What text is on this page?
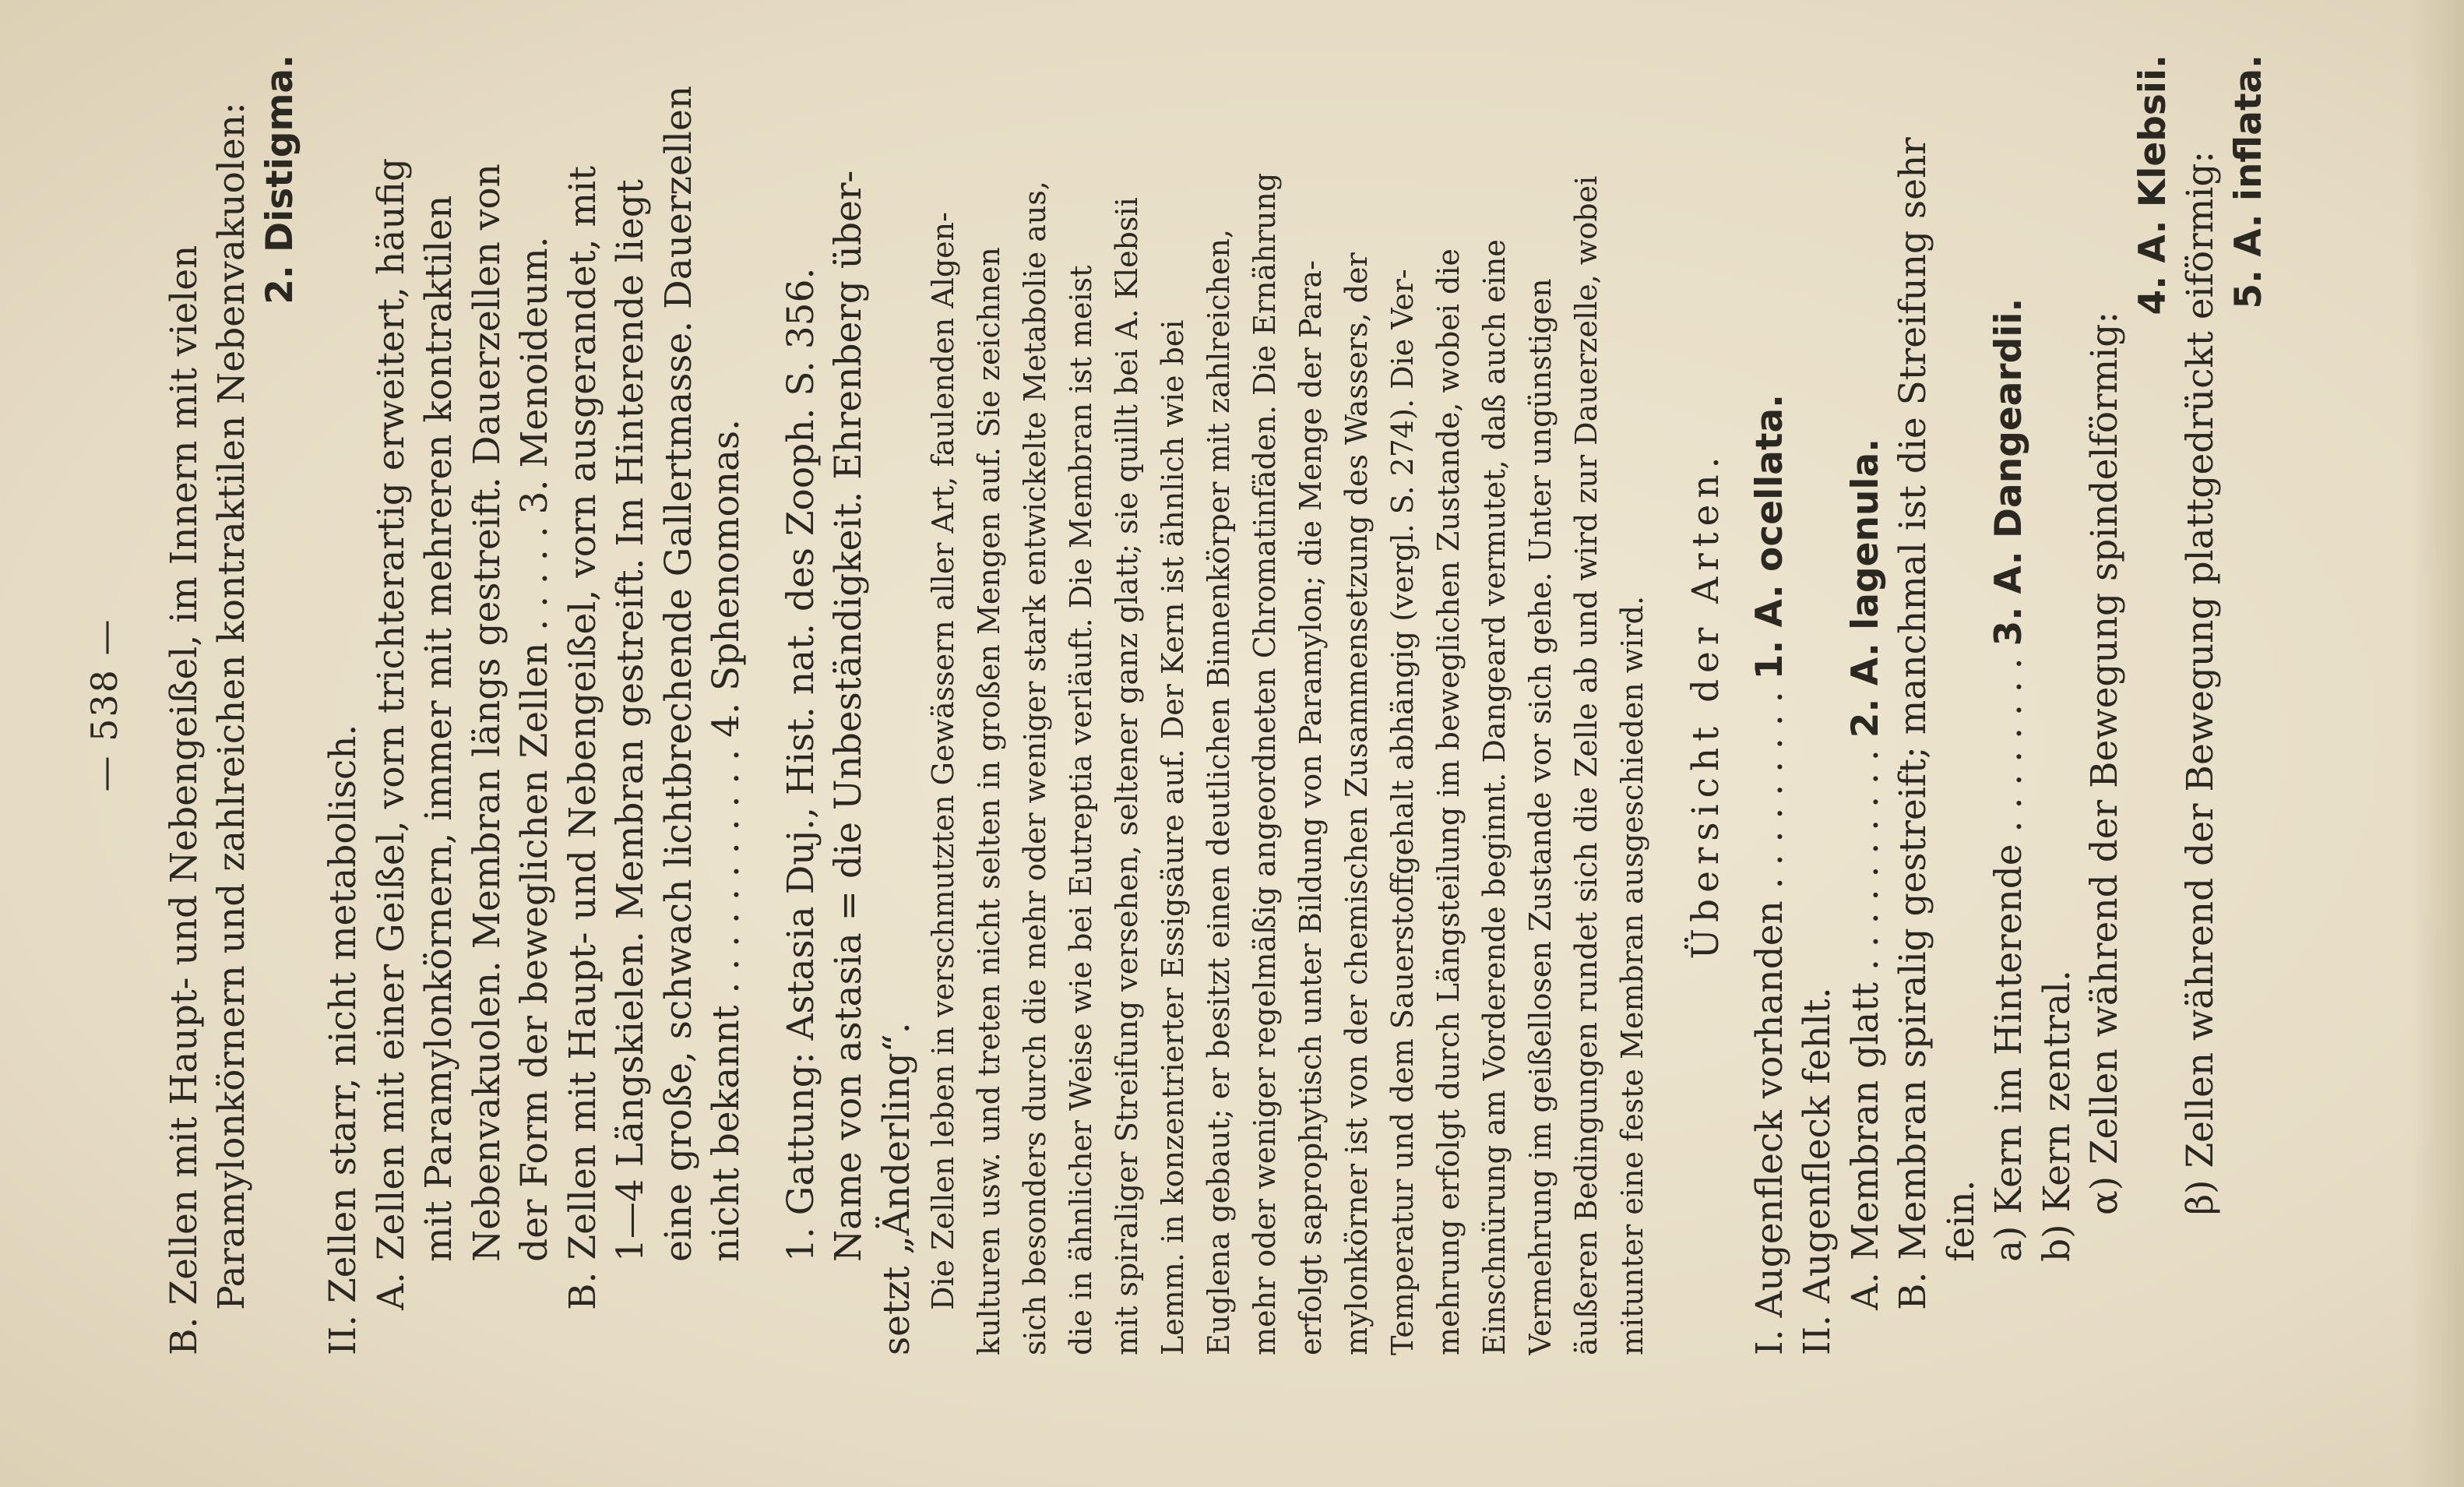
— 538 — B. Zellen mit Haupt- und Nebengeißel, im Innern mit vielen Paramylonkörnern und zahlreichen kontraktilen Nebenvakuolen: 2. Distigma.
II. Zellen starr, nicht metabolisch. A. Zellen mit einer Geißel, vorn trichterartig erweitert, häufig mit Paramylonkörnern, immer mit mehreren kontraktilen Nebenvakuolen. Membran längs gestreift. Dauerzellen von der Form der beweglichen Zellen . . . . . 3. Menoideum. B. Zellen mit Haupt- und Nebengeißel, vorn ausgerandet, mit 1—4 Längskielen. Membran gestreift. Im Hinterende liegt eine große, schwach lichtbrechende Gallertmasse. Dauerzellen nicht bekannt . . . . . . . . . . . 4. Sphenomonas. 1. Gattung: Astasia Duj., Hist. nat. des Zooph. S. 356. Name von astasia = die Unbeständigkeit. Ehrenberg über- setzt „Änderling“. Die Zellen leben in verschmutzten Gewässern aller Art, faulenden Algen- kulturen usw. und treten nicht selten in großen Mengen auf. Sie zeichnen sich besonders durch die mehr oder weniger stark entwickelte Metabolie aus, die in ähnlicher Weise wie bei Eutreptia verläuft. Die Membran ist meist mit spiraliger Streifung versehen, seltener ganz glatt; sie quillt bei A. Klebsii Lemm. in konzentrierter Essigsäure auf. Der Kern ist ähnlich wie bei Euglena gebaut; er besitzt einen deutlichen Binnenkörper mit zahlreichen, mehr oder weniger regelmäßig angeordneten Chromatinfäden. Die Ernährung erfolgt saprophytisch unter Bildung von Paramylon; die Menge der Para- mylonkörner ist von der chemischen Zusammensetzung des Wassers, der Temperatur und dem Sauerstoffgehalt abhängig (vergl. S. 274). Die Ver- mehrung erfolgt durch Längsteilung im beweglichen Zustande, wobei die Einschnürung am Vorderende beginnt. Dangeard vermutet, daß auch eine Vermehrung im geißellosen Zustande vor sich gehe. Unter ungünstigen äußeren Bedingungen rundet sich die Zelle ab und wird zur Dauerzelle, wobei mitunter eine feste Membran ausgeschieden wird. Übersicht der Arten. I. Augenfleck vorhanden . . . . . . . . . 1. A. ocellata.
II. Augenfleck fehlt. A. Membran glatt . . . . . . . . . . 2. A. lagenula. B. Membran spiralig gestreift; manchmal ist die Streifung sehr fein. a) Kern im Hinterende . . . . . . . . 3. A. Dangeardii.
b) Kern zentral. α) Zellen während der Bewegung spindelförmig:
4. A. Klebsii. β) Zellen während der Bewegung plattgedrückt eiförmig: 5. A. inflata.
